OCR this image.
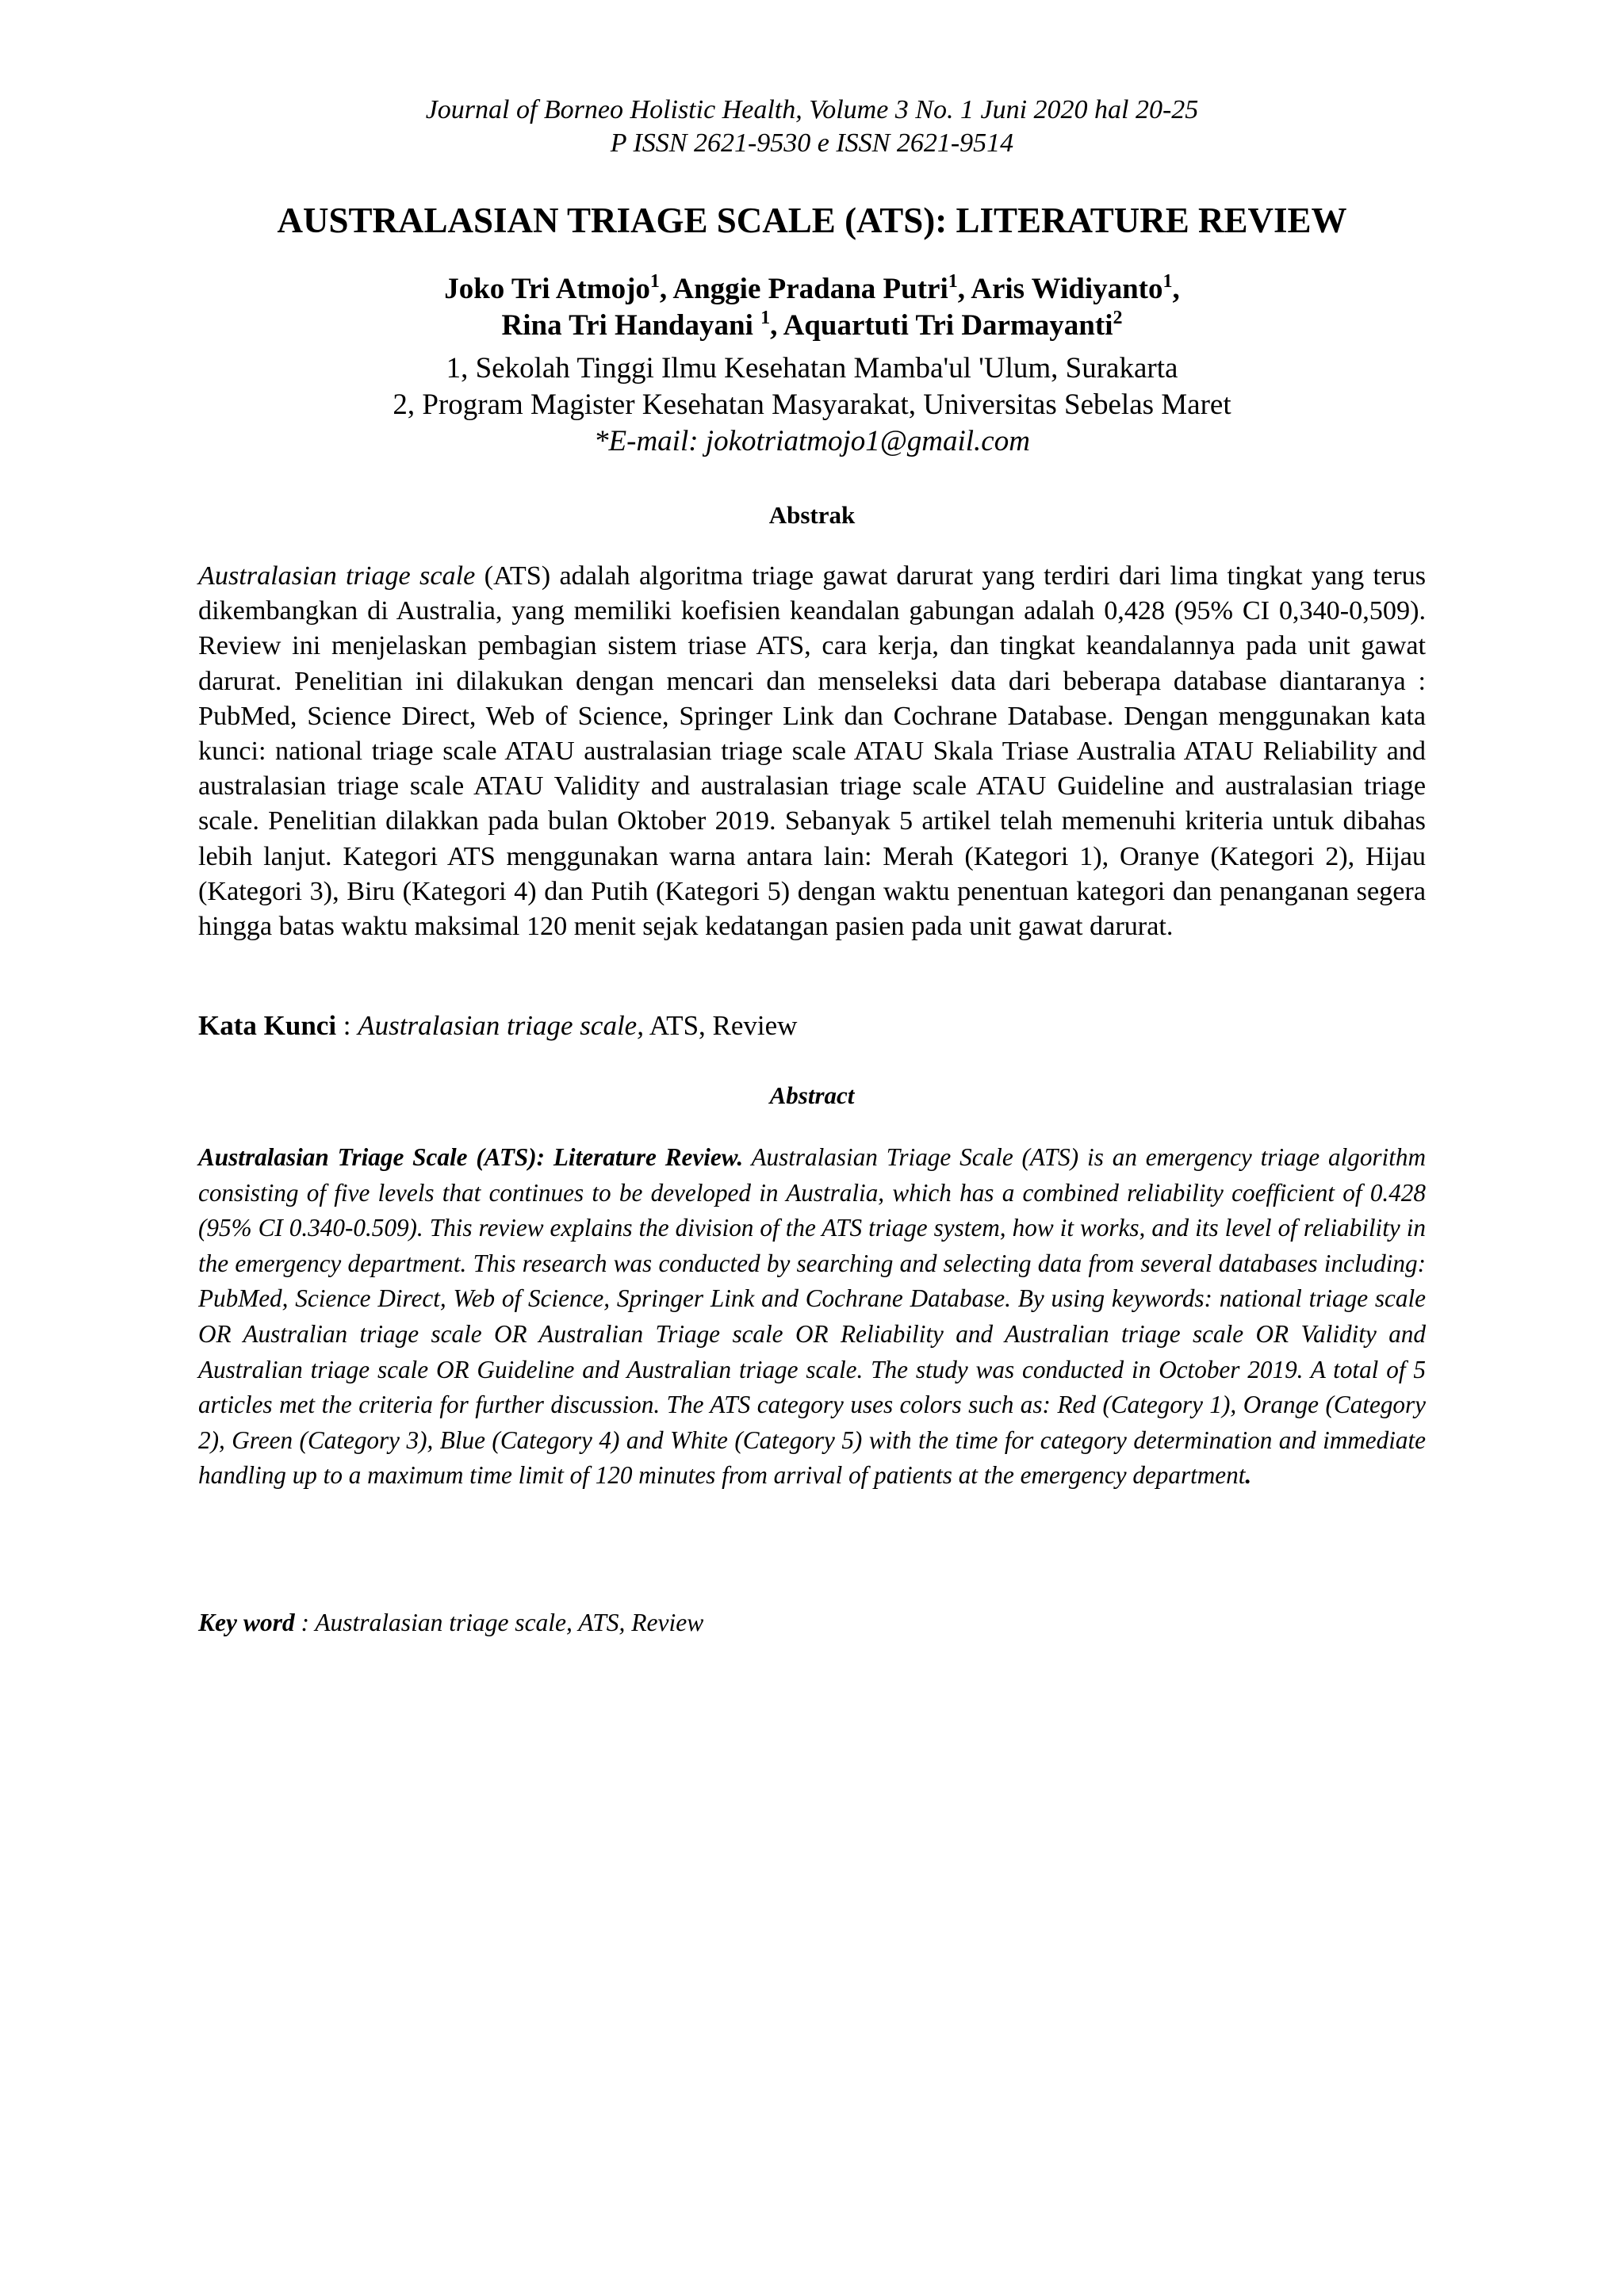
Journal of Borneo Holistic Health, Volume 3 No. 1 Juni 2020 hal 20-25
P ISSN 2621-9530 e ISSN 2621-9514
AUSTRALASIAN TRIAGE SCALE (ATS): LITERATURE REVIEW
Joko Tri Atmojo$^1$, Anggie Pradana Putri$^1$, Aris Widiyanto$^1$,
Rina Tri Handayani $^1$, Aquartuti Tri Darmayanti$^2$
1, Sekolah Tinggi Ilmu Kesehatan Mamba'ul 'Ulum, Surakarta
2, Program Magister Kesehatan Masyarakat, Universitas Sebelas Maret
*E-mail: jokotriatmojo1@gmail.com
Abstrak
Australasian triage scale (ATS) adalah algoritma triage gawat darurat yang terdiri dari lima tingkat yang terus dikembangkan di Australia, yang memiliki koefisien keandalan gabungan adalah 0,428 (95% CI 0,340-0,509). Review ini menjelaskan pembagian sistem triase ATS, cara kerja, dan tingkat keandalannya pada unit gawat darurat. Penelitian ini dilakukan dengan mencari dan menseleksi data dari beberapa database diantaranya : PubMed, Science Direct, Web of Science, Springer Link dan Cochrane Database. Dengan menggunakan kata kunci: national triage scale ATAU australasian triage scale ATAU Skala Triase Australia ATAU Reliability and australasian triage scale ATAU Validity and australasian triage scale ATAU Guideline and australasian triage scale. Penelitian dilakkan pada bulan Oktober 2019. Sebanyak 5 artikel telah memenuhi kriteria untuk dibahas lebih lanjut. Kategori ATS menggunakan warna antara lain: Merah (Kategori 1), Oranye (Kategori 2), Hijau (Kategori 3), Biru (Kategori 4) dan Putih (Kategori 5) dengan waktu penentuan kategori dan penanganan segera hingga batas waktu maksimal 120 menit sejak kedatangan pasien pada unit gawat darurat.
Kata Kunci : Australasian triage scale, ATS, Review
Abstract
Australasian Triage Scale (ATS): Literature Review. Australasian Triage Scale (ATS) is an emergency triage algorithm consisting of five levels that continues to be developed in Australia, which has a combined reliability coefficient of 0.428 (95% CI 0.340-0.509). This review explains the division of the ATS triage system, how it works, and its level of reliability in the emergency department. This research was conducted by searching and selecting data from several databases including: PubMed, Science Direct, Web of Science, Springer Link and Cochrane Database. By using keywords: national triage scale OR Australian triage scale OR Australian Triage scale OR Reliability and Australian triage scale OR Validity and Australian triage scale OR Guideline and Australian triage scale. The study was conducted in October 2019. A total of 5 articles met the criteria for further discussion. The ATS category uses colors such as: Red (Category 1), Orange (Category 2), Green (Category 3), Blue (Category 4) and White (Category 5) with the time for category determination and immediate handling up to a maximum time limit of 120 minutes from arrival of patients at the emergency department.
Key word : Australasian triage scale, ATS, Review
